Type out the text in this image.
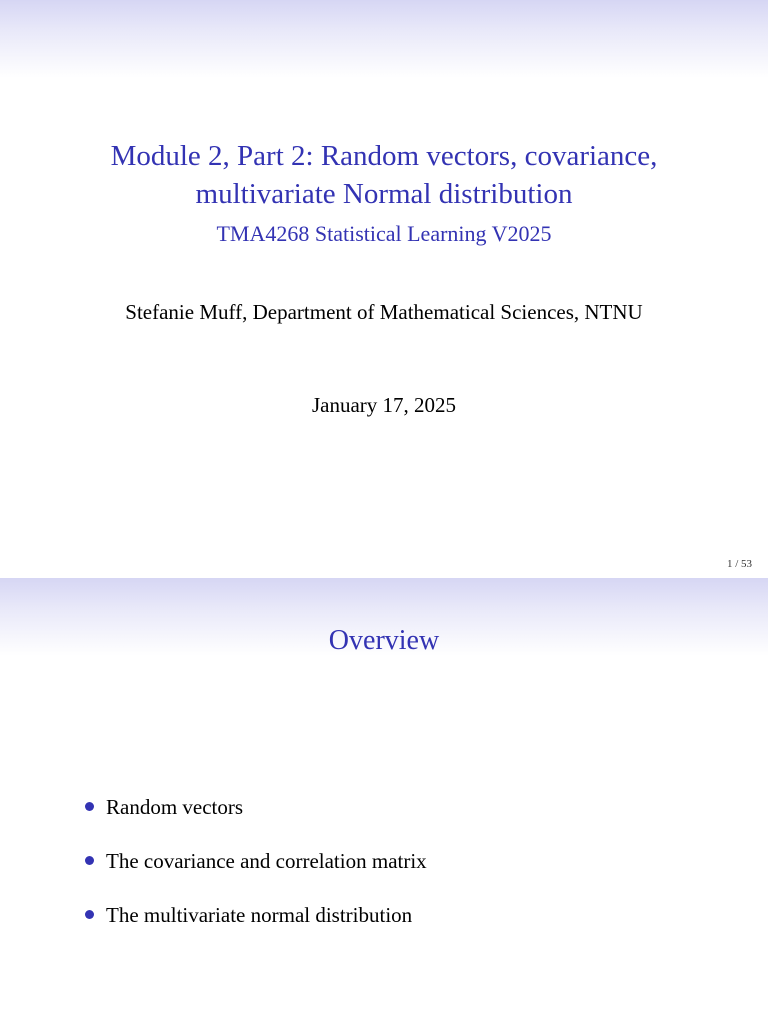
Module 2, Part 2: Random vectors, covariance,
multivariate Normal distribution
TMA4268 Statistical Learning V2025
Stefanie Muff, Department of Mathematical Sciences, NTNU
January 17, 2025
1 / 53
Overview
Random vectors
The covariance and correlation matrix
The multivariate normal distribution
